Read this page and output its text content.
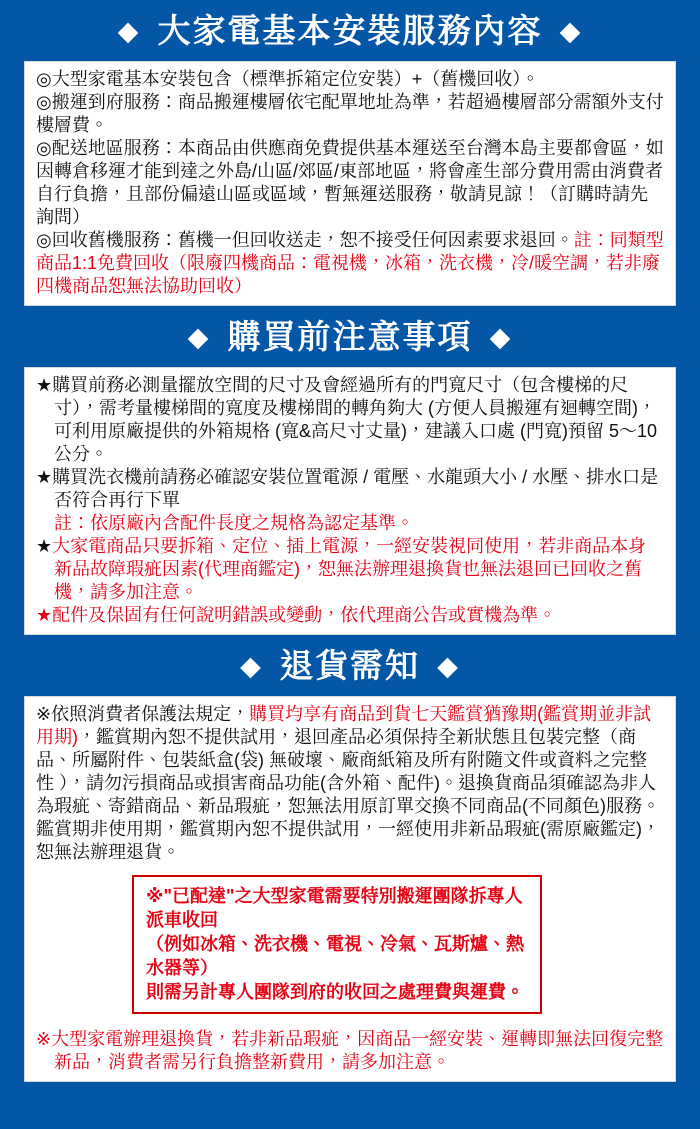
◆ 大家電基本安裝服務內容 ◆
◎大型家電基本安裝包含（標準拆箱定位安裝）+（舊機回收）。
◎搬運到府服務：商品搬運樓層依宅配單地址為準，若超過樓層部分需額外支付樓層費。
◎配送地區服務：本商品由供應商免費提供基本運送至台灣本島主要都會區，如因轉倉移運才能到達之外島/山區/郊區/東部地區，將會產生部分費用需由消費者自行負擔，且部份偏遠山區或區域，暫無運送服務，敬請見諒！（訂購時請先詢問）
◎回收舊機服務：舊機一但回收送走，恕不接受任何因素要求退回。註：同類型商品1:1免費回收（限廢四機商品：電視機，冰箱，洗衣機，冷/暖空調，若非廢四機商品恕無法協助回收）
◆ 購買前注意事項 ◆
★購買前務必測量擺放空間的尺寸及會經過所有的門寬尺寸（包含樓梯的尺寸），需考量樓梯間的寬度及樓梯間的轉角夠大 (方便人員搬運有迴轉空間)，可利用原廠提供的外箱規格 (寬&高尺寸丈量)，建議入口處 (門寬)預留 5～10 公分。
★購買洗衣機前請務必確認安裝位置電源 / 電壓、水龍頭大小 / 水壓、排水口是否符合再行下單
註：依原廠內含配件長度之規格為認定基準。
★大家電商品只要拆箱、定位、插上電源，一經安裝視同使用，若非商品本身新品故障瑕疵因素(代理商鑑定)，恕無法辦理退換貨也無法退回已回收之舊機，請多加注意。
★配件及保固有任何說明錯誤或變動，依代理商公告或實機為準。
◆ 退貨需知 ◆
※依照消費者保護法規定，購買均享有商品到貨七天鑑賞猶豫期(鑑賞期並非試用期)，鑑賞期內恕不提供試用，退回產品必須保持全新狀態且包裝完整（商品、所屬附件、包裝紙盒(袋) 無破壞、廠商紙箱及所有附隨文件或資料之完整性 ），請勿污損商品或損害商品功能(含外箱、配件)。退換貨商品須確認為非人為瑕疵、寄錯商品、新品瑕疵，恕無法用原訂單交換不同商品(不同顏色)服務。鑑賞期非使用期，鑑賞期內恕不提供試用，一經使用非新品瑕疵(需原廠鑑定)，恕無法辦理退貨。
※"已配達"之大型家電需要特別搬運團隊拆專人派車收回
（例如冰箱、洗衣機、電視、冷氣、瓦斯爐、熱水器等）
則需另計專人團隊到府的收回之處理費與運費。
※大型家電辦理退換貨，若非新品瑕疵，因商品一經安裝、運轉即無法回復完整新品，消費者需另行負擔整新費用，請多加注意。
